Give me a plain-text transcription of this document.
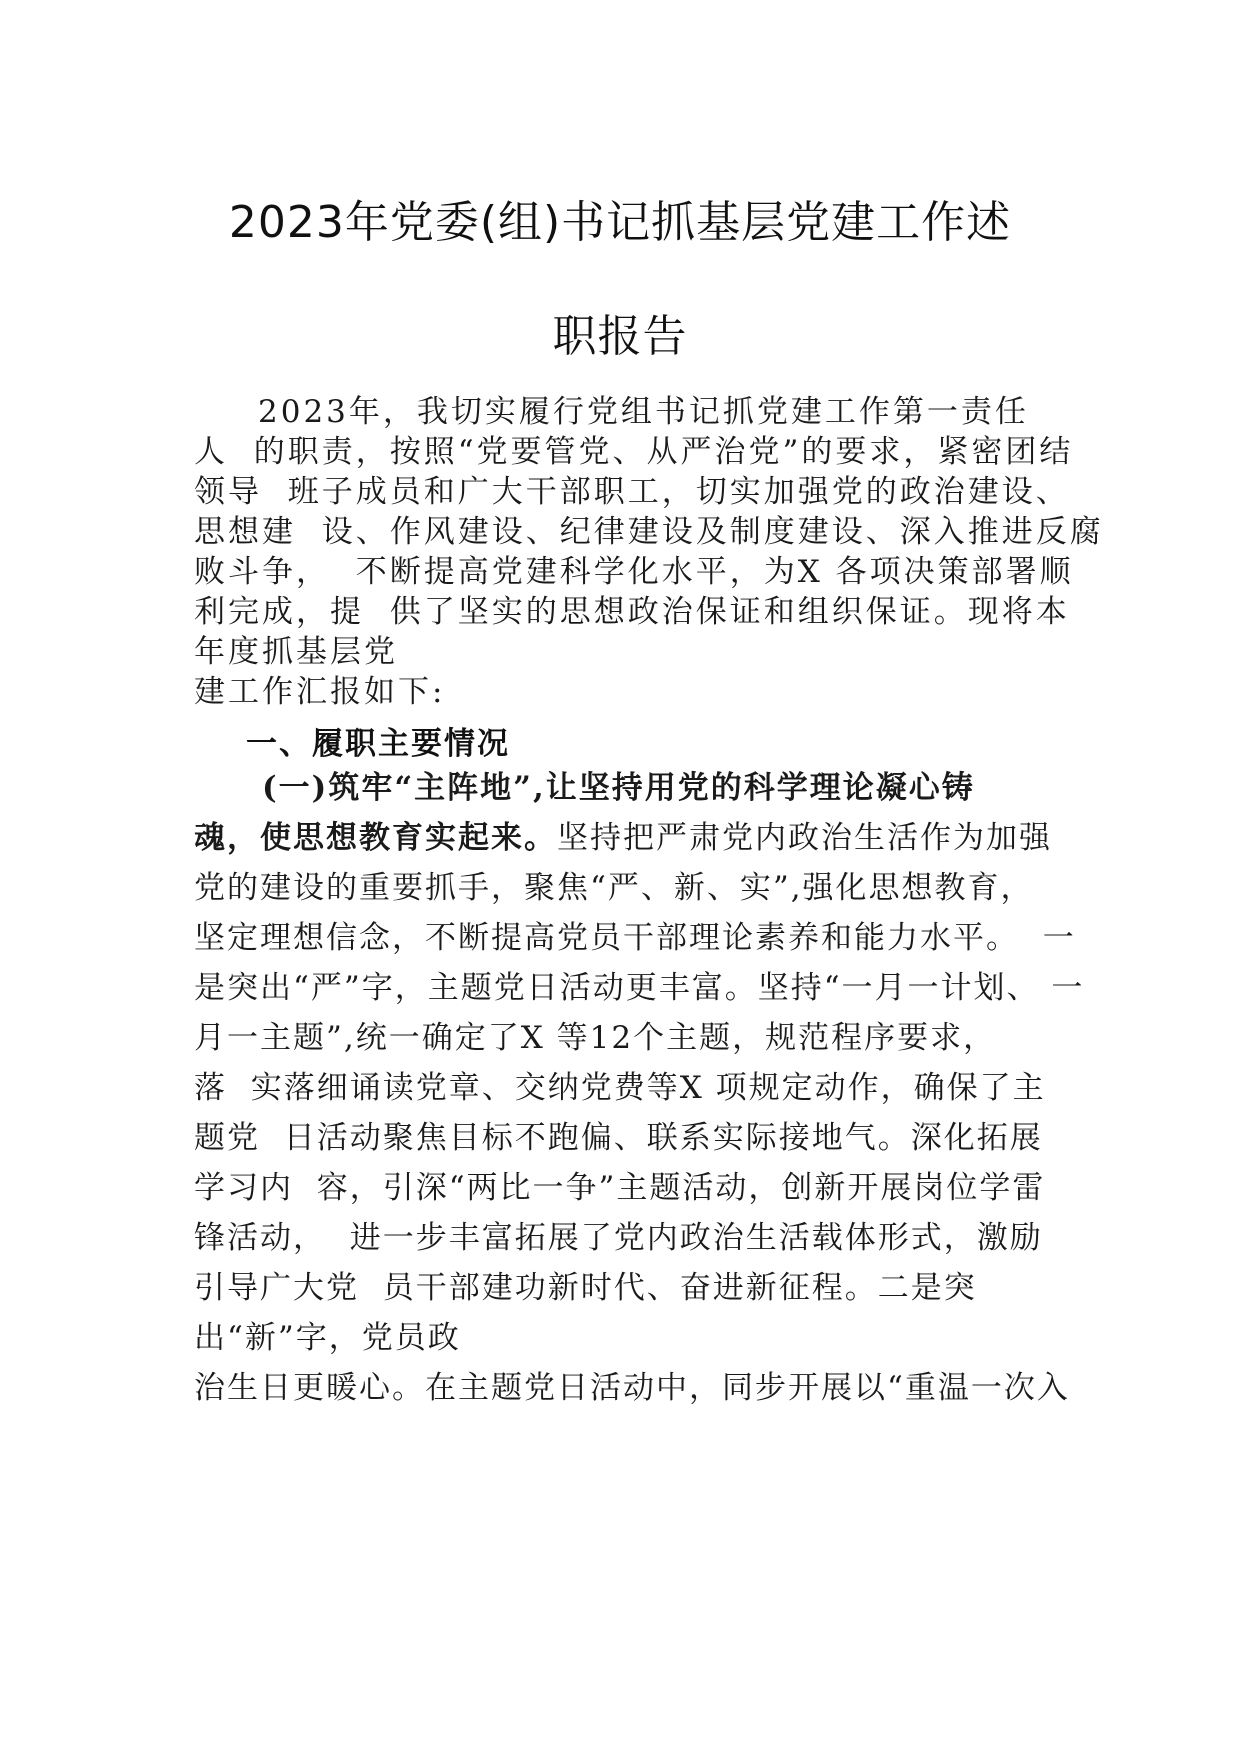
2023年党委(组)书记抓基层党建工作述
职报告
2023年，我切实履行党组书记抓党建工作第一责任
人  的职责，按照“党要管党、从严治党”的要求，紧密团结
领导  班子成员和广大干部职工，切实加强党的政治建设、
思想建  设、作风建设、纪律建设及制度建设、深入推进反腐
败斗争，  不断提高党建科学化水平，为X 各项决策部署顺
利完成，提  供了坚实的思想政治保证和组织保证。现将本
年度抓基层党
建工作汇报如下:
一、履职主要情况
(一)筑牢“主阵地”,让坚持用党的科学理论凝心铸
魂，使思想教育实起来。坚持把严肃党内政治生活作为加强
党的建设的重要抓手，聚焦“严、新、实”,强化思想教育，
坚定理想信念，不断提高党员干部理论素养和能力水平。  一
是突出“严”字，主题党日活动更丰富。坚持“一月一计划、 一
月一主题”,统一确定了X 等12个主题，规范程序要求，
落  实落细诵读党章、交纳党费等X 项规定动作，确保了主
题党  日活动聚焦目标不跑偏、联系实际接地气。深化拓展
学习内  容，引深“两比一争”主题活动，创新开展岗位学雷
锋活动，  进一步丰富拓展了党内政治生活载体形式，激励
引导广大党  员干部建功新时代、奋进新征程。二是突
出“新”字，党员政
治生日更暖心。在主题党日活动中，同步开展以“重温一次入
